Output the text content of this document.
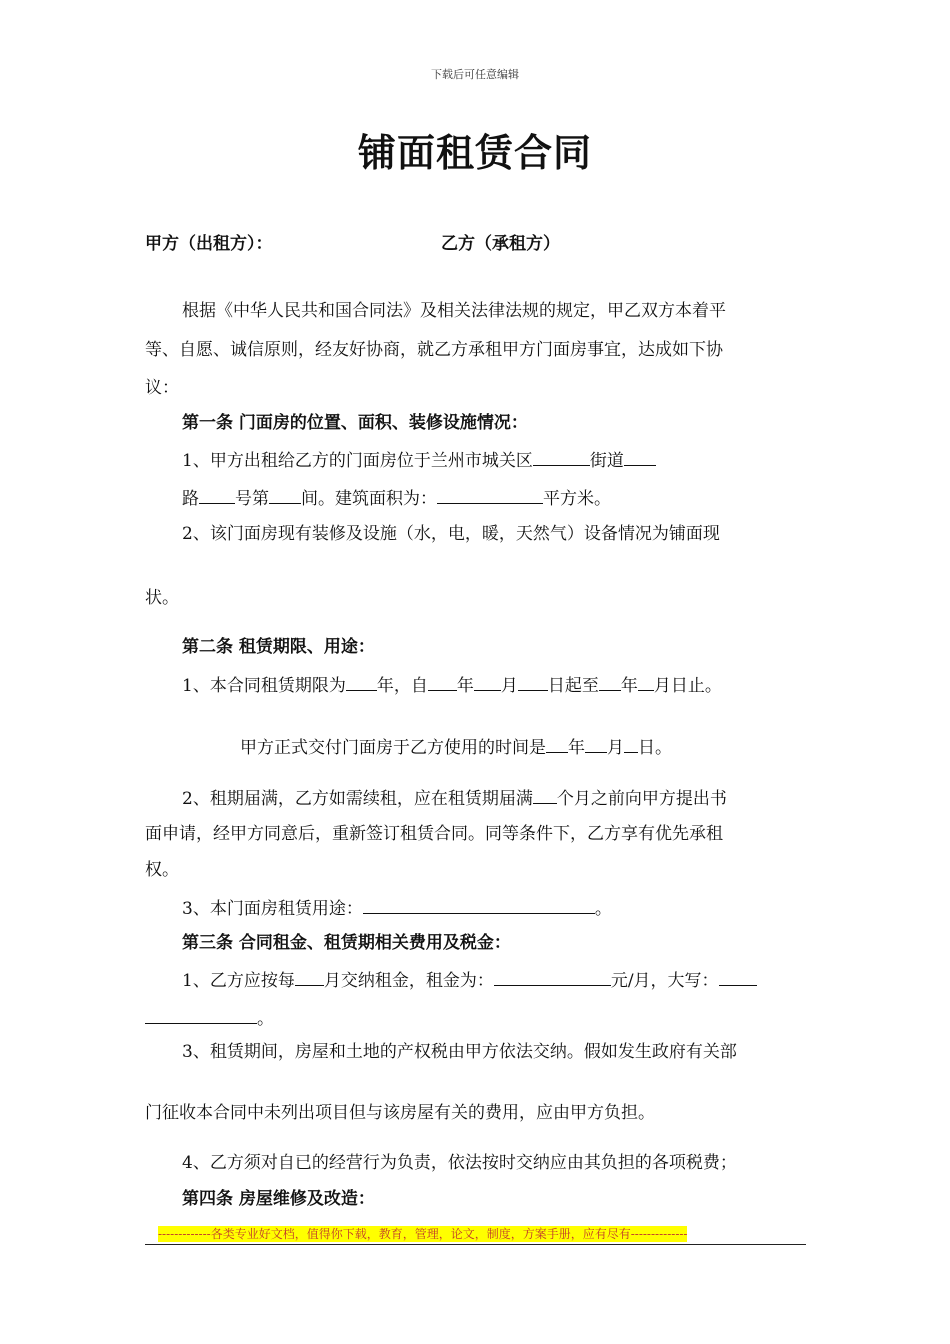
下载后可任意编辑
铺面租赁合同
甲方（出租方）：	乙方（承租方）
根据《中华人民共和国合同法》及相关法律法规的规定，甲乙双方本着平
等、自愿、诚信原则，经友好协商，就乙方承租甲方门面房事宜，达成如下协
议：
第一条 门面房的位置、面积、装修设施情况：
1、甲方出租给乙方的门面房位于兰州市城关区	街道
路 号第 间。建筑面积为：	平方米。
2、该门面房现有装修及设施（水，电，暖，天然气）设备情况为铺面现
状。
第二条 租赁期限、用途：
1、本合同租赁期限为 年，自 年 月 日起至 年 月日止。
甲方正式交付门面房于乙方使用的时间是 年 月 日。
2、租期届满，乙方如需续租，应在租赁期届满 个月之前向甲方提出书
面申请，经甲方同意后，重新签订租赁合同。同等条件下，乙方享有优先承租
权。
3、本门面房租赁用途：	。
第三条 合同租金、租赁期相关费用及税金：
1、乙方应按每 月交纳租金，租金为：	元/月，大写：
。
3、租赁期间，房屋和土地的产权税由甲方依法交纳。假如发生政府有关部
门征收本合同中未列出项目但与该房屋有关的费用，应由甲方负担。
4、乙方须对自已的经营行为负责，依法按时交纳应由其负担的各项税费；
第四条 房屋维修及改造：
-------------各类专业好文档，值得你下载，教育，管理，论文，制度，方案手册，应有尽有--------------
